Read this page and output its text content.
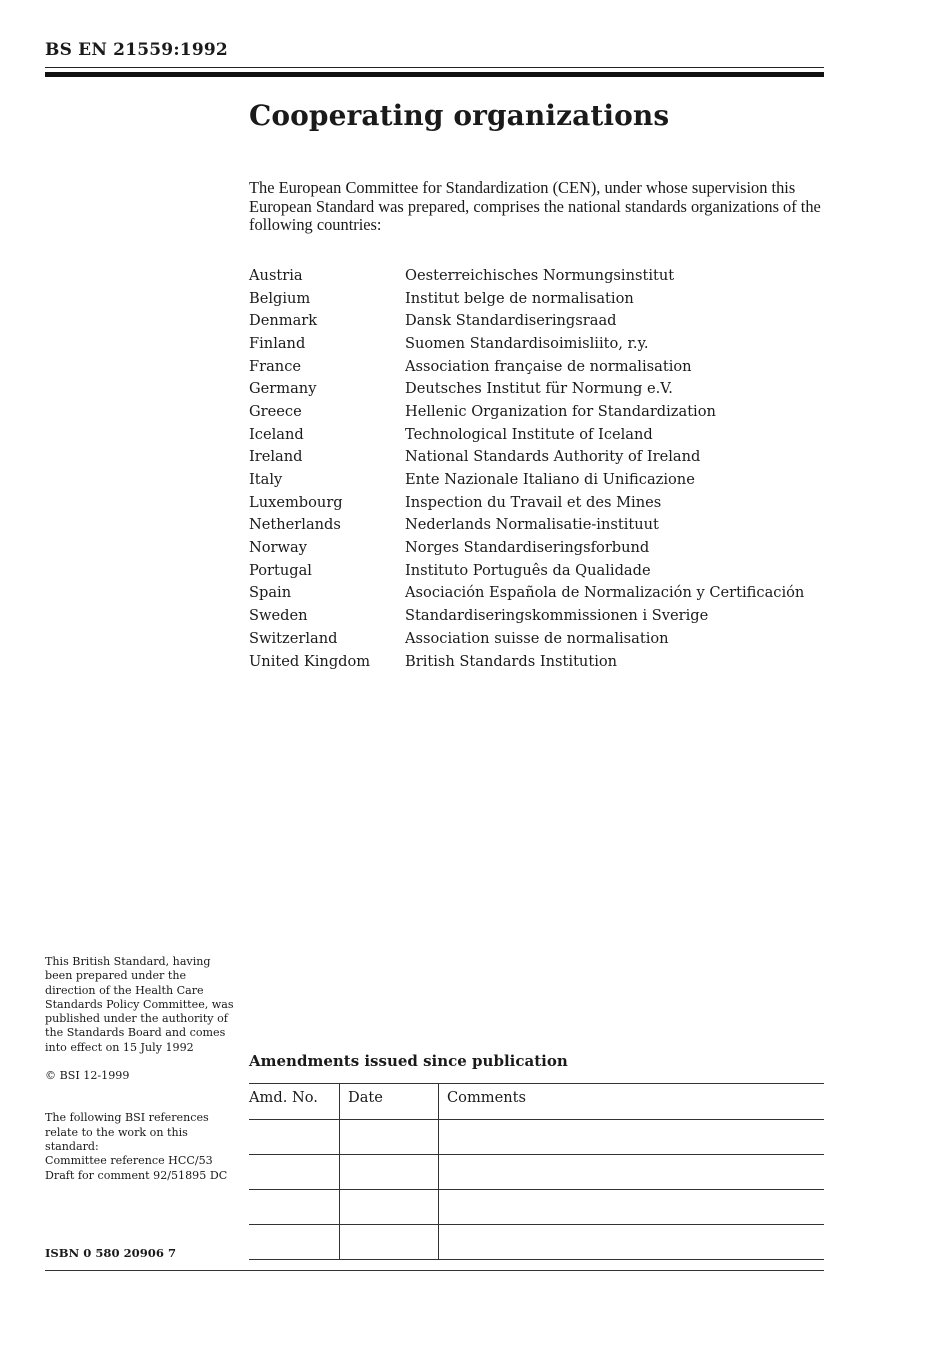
BS EN 21559:1992
Cooperating organizations

The European Committee for Standardization (CEN), under whose supervision this European Standard was prepared, comprises the national standards organizations of the following countries:

Austria	Oesterreichisches Normungsinstitut
Belgium	Institut belge de normalisation
Denmark	Dansk Standardiseringsraad
Finland	Suomen Standardisoimisliito, r.y.
France	Association française de normalisation
Germany	Deutsches Institut für Normung e.V.
Greece	Hellenic Organization for Standardization
Iceland	Technological Institute of Iceland
Ireland	National Standards Authority of Ireland
Italy	Ente Nazionale Italiano di Unificazione
Luxembourg	Inspection du Travail et des Mines
Netherlands	Nederlands Normalisatie-instituut
Norway	Norges Standardiseringsforbund
Portugal	Instituto Português da Qualidade
Spain	Asociación Española de Normalización y Certificación
Sweden	Standardiseringskommissionen i Sverige
Switzerland	Association suisse de normalisation
United Kingdom	British Standards Institution

This British Standard, having been prepared under the direction of the Health Care Standards Policy Committee, was published under the authority of the Standards Board and comes into effect on 15 July 1992

© BSI 12-1999

The following BSI references relate to the work on this standard:
Committee reference HCC/53
Draft for comment 92/51895 DC

ISBN 0 580 20906 7
Amendments issued since publication
Amd. No.	Date	Comments
